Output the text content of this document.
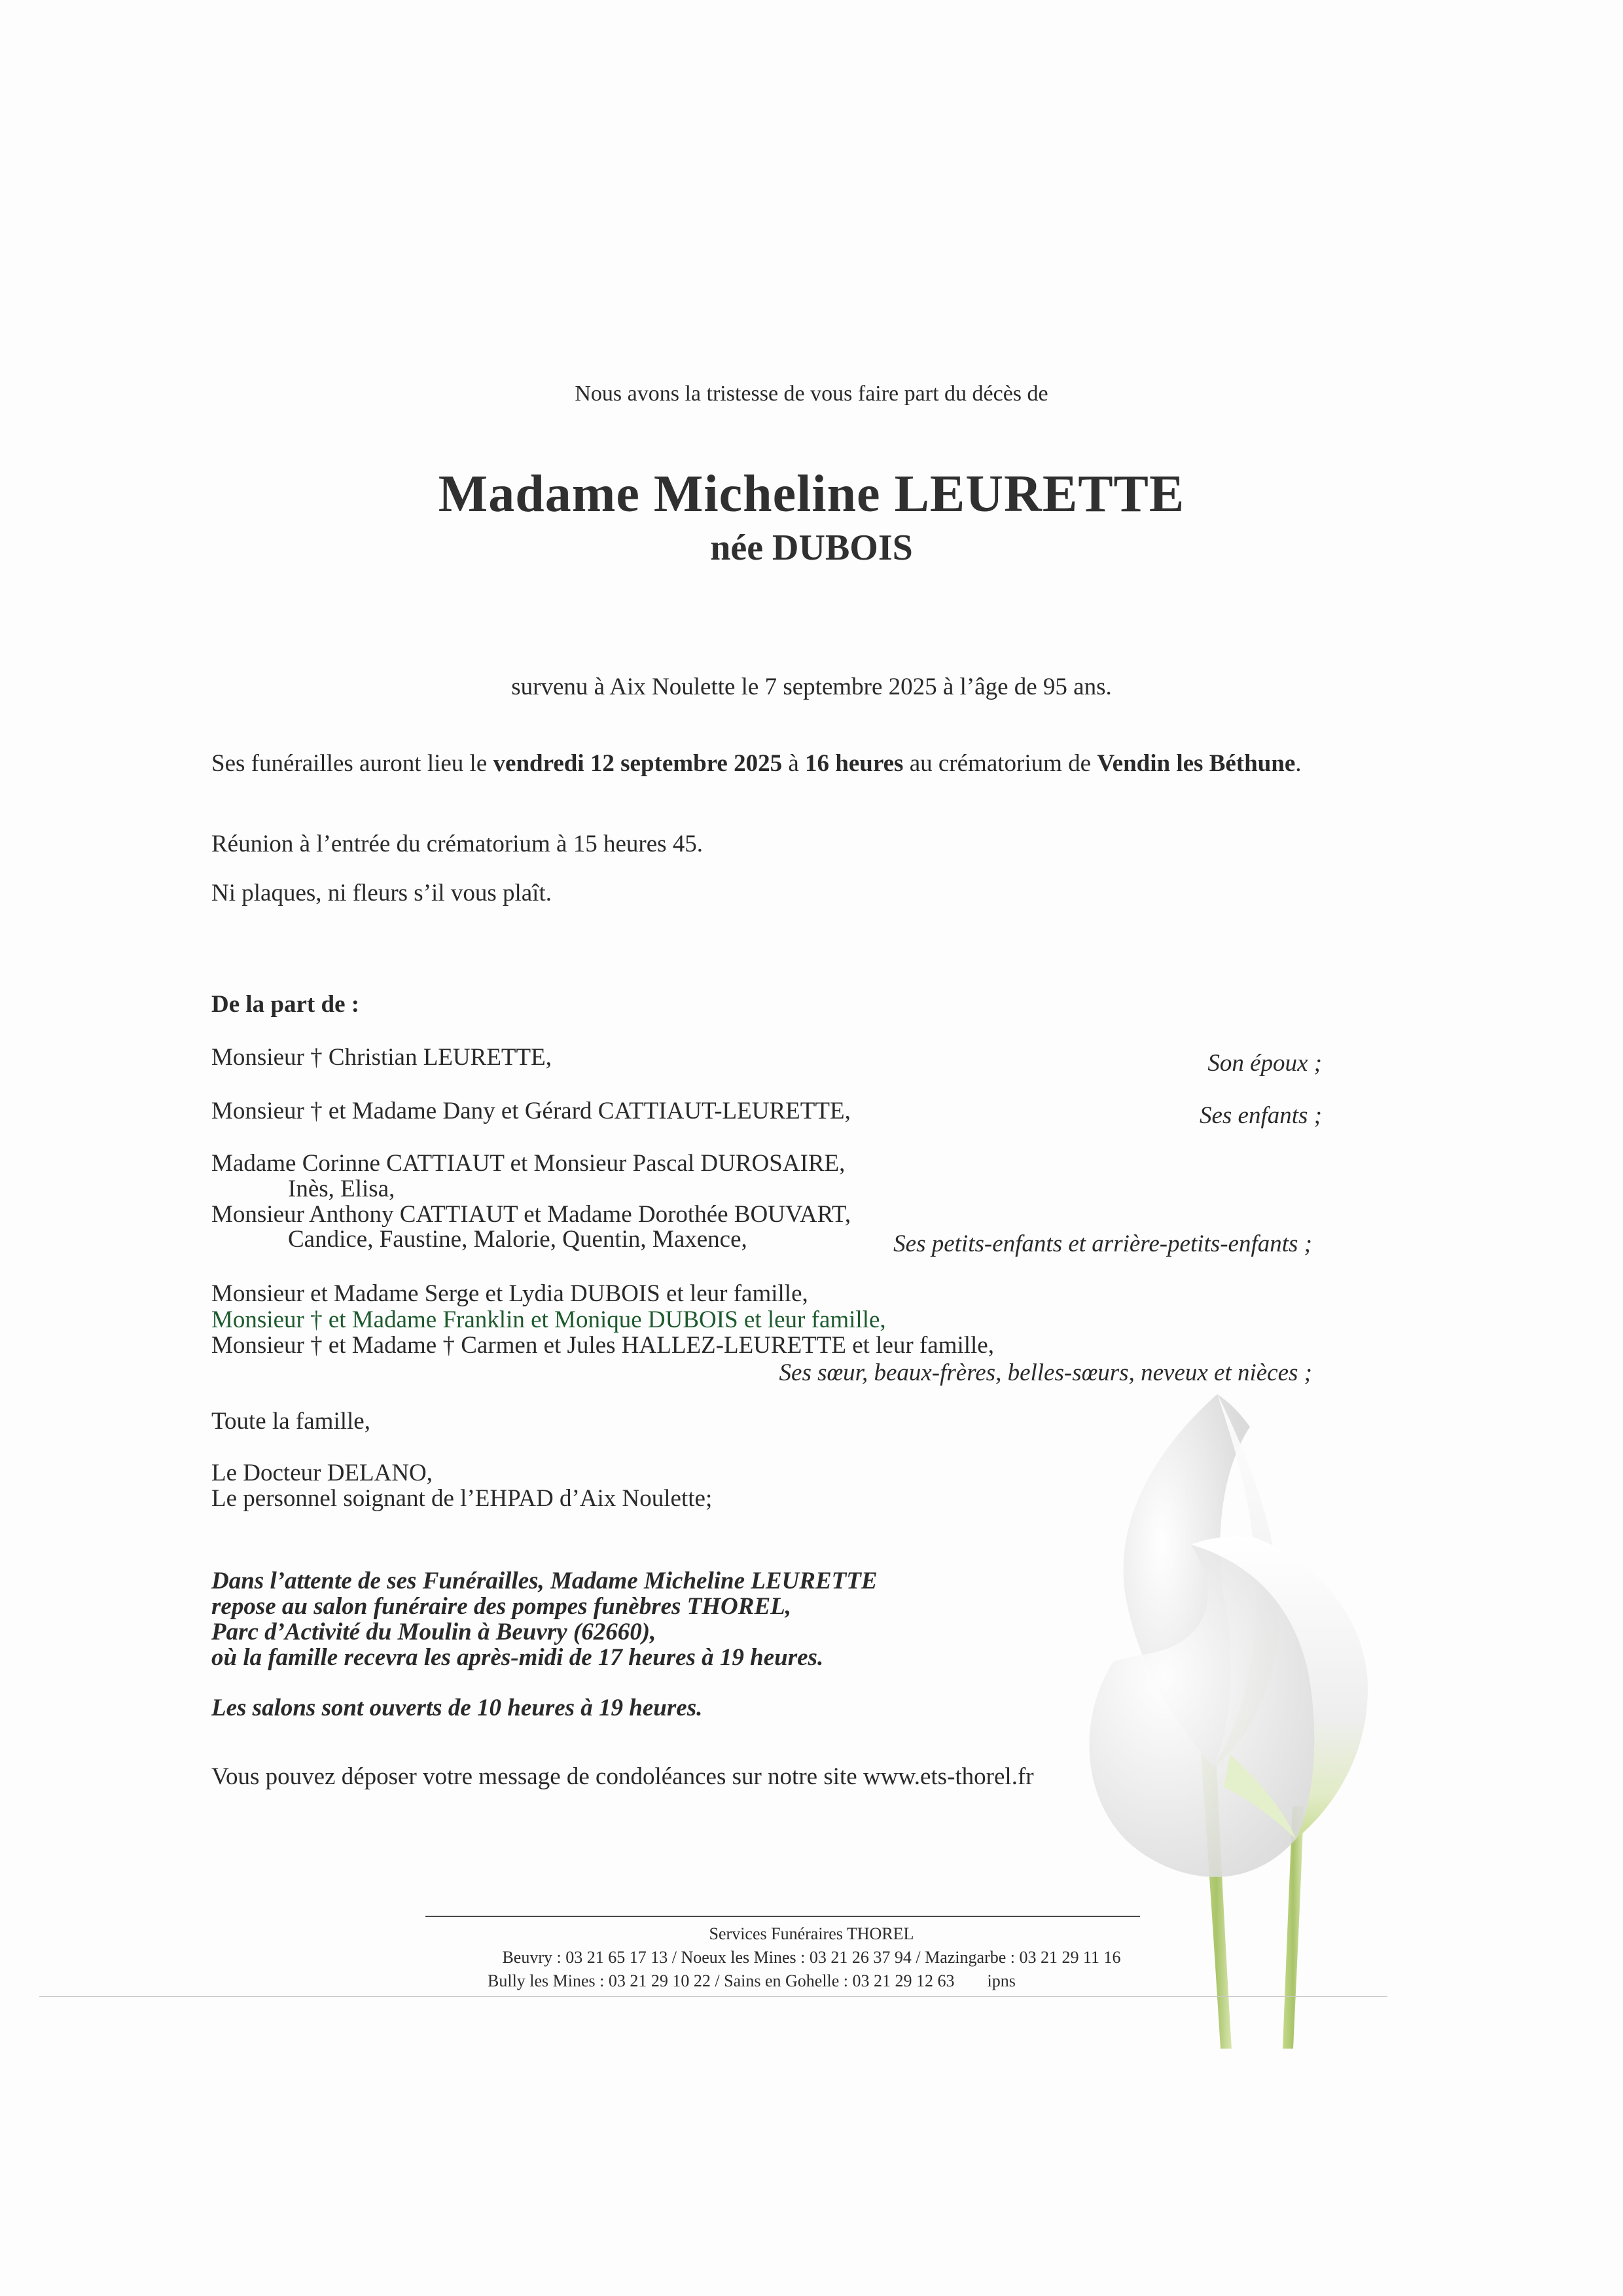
Nous avons la tristesse de vous faire part du décès de
Madame Micheline LEURETTE
née DUBOIS
survenu à Aix Noulette le 7 septembre 2025 à l’âge de 95 ans.
Ses funérailles auront lieu le vendredi 12 septembre 2025 à 16 heures au crématorium de Vendin les Béthune.
Réunion à l’entrée du crématorium à 15 heures 45.
Ni plaques, ni fleurs s’il vous plaît.
De la part de :
Monsieur † Christian LEURETTE,	Son époux ;
Monsieur † et Madame Dany et Gérard CATTIAUT-LEURETTE,	Ses enfants ;
Madame Corinne CATTIAUT et Monsieur Pascal DUROSAIRE,
Inès, Elisa,
Monsieur Anthony CATTIAUT et Madame Dorothée BOUVART,
Candice, Faustine, Malorie, Quentin, Maxence,	Ses petits-enfants et arrière-petits-enfants ;
Monsieur et Madame Serge et Lydia DUBOIS et leur famille,
Monsieur † et Madame Franklin et Monique DUBOIS et leur famille,
Monsieur † et Madame † Carmen et Jules HALLEZ-LEURETTE et leur famille,
Ses sœur, beaux-frères, belles-sœurs, neveux et nièces ;
Toute la famille,
Le Docteur DELANO,
Le personnel soignant de l’EHPAD d’Aix Noulette;
Dans l’attente de ses Funérailles, Madame Micheline LEURETTE
repose au salon funéraire des pompes funèbres THOREL,
Parc d’Activité du Moulin à Beuvry (62660),
où la famille recevra les après-midi de 17 heures à 19 heures.
Les salons sont ouverts de 10 heures à 19 heures.
Vous pouvez déposer votre message de condoléances sur notre site www.ets-thorel.fr
Services Funéraires THOREL
Beuvry : 03 21 65 17 13 / Noeux les Mines : 03 21 26 37 94 / Mazingarbe : 03 21 29 11 16
Bully les Mines : 03 21 29 10 22 / Sains en Gohelle : 03 21 29 12 63 ipns
